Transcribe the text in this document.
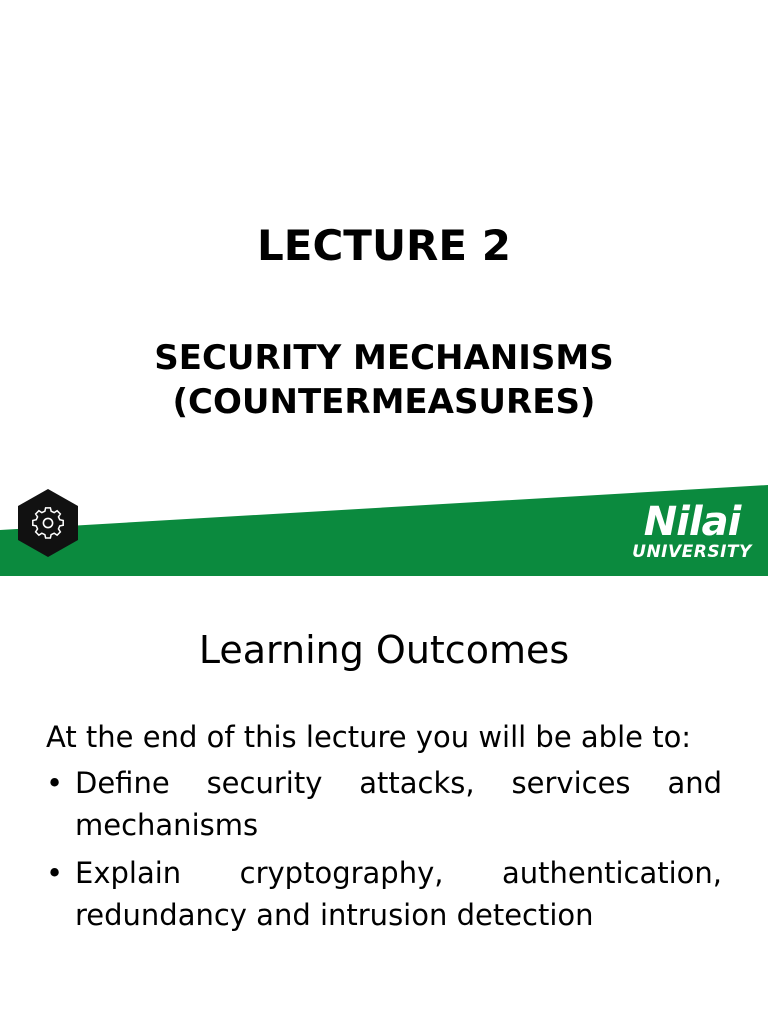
LECTURE 2
SECURITY MECHANISMS
(COUNTERMEASURES)
Nilai
UNIVERSITY
Learning Outcomes

At the end of this lecture you will be able to:

• Define security attacks, services and mechanisms
• Explain cryptography, authentication, redundancy and intrusion detection
